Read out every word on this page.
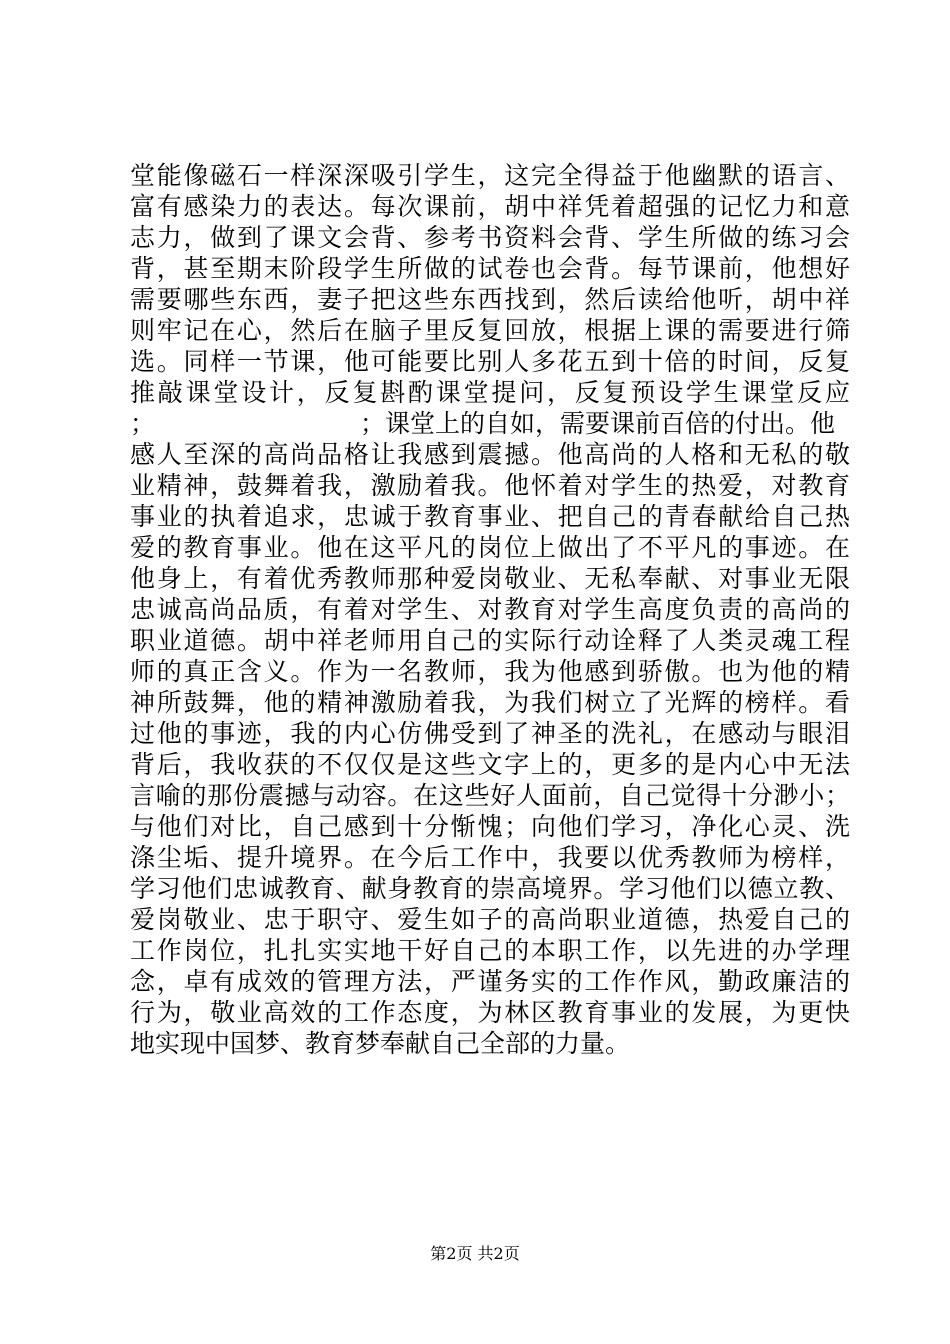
堂能像磁石一样深深吸引学生，这完全得益于他幽默的语言、

富有感染力的表达。每次课前，胡中祥凭着超强的记忆力和意

志力，做到了课文会背、参考书资料会背、学生所做的练习会

背，甚至期末阶段学生所做的试卷也会背。每节课前，他想好

需要哪些东西，妻子把这些东西找到，然后读给他听，胡中祥

则牢记在心，然后在脑子里反复回放，根据上课的需要进行筛

选。同样一节课，他可能要比别人多花五到十倍的时间，反复

推敲课堂设计，反复斟酌课堂提问，反复预设学生课堂反应

；	；课堂上的自如，需要课前百倍的付出。他

感人至深的高尚品格让我感到震撼。他高尚的人格和无私的敬

业精神，鼓舞着我，激励着我。他怀着对学生的热爱，对教育

事业的执着追求，忠诚于教育事业、把自己的青春献给自己热

爱的教育事业。他在这平凡的岗位上做出了不平凡的事迹。在

他身上，有着优秀教师那种爱岗敬业、无私奉献、对事业无限

忠诚高尚品质，有着对学生、对教育对学生高度负责的高尚的

职业道德。胡中祥老师用自己的实际行动诠释了人类灵魂工程

师的真正含义。作为一名教师，我为他感到骄傲。也为他的精

神所鼓舞，他的精神激励着我，为我们树立了光辉的榜样。看

过他的事迹，我的内心仿佛受到了神圣的洗礼，在感动与眼泪

背后，我收获的不仅仅是这些文字上的，更多的是内心中无法

言喻的那份震撼与动容。在这些好人面前，自己觉得十分渺小；

与他们对比，自己感到十分惭愧；向他们学习，净化心灵、洗

涤尘垢、提升境界。在今后工作中，我要以优秀教师为榜样，

学习他们忠诚教育、献身教育的崇高境界。学习他们以德立教、

爱岗敬业、忠于职守、爱生如子的高尚职业道德，热爱自己的

工作岗位，扎扎实实地干好自己的本职工作，以先进的办学理

念，卓有成效的管理方法，严谨务实的工作作风，勤政廉洁的

行为，敬业高效的工作态度，为林区教育事业的发展，为更快

地实现中国梦、教育梦奉献自己全部的力量。

第2页 共2页
